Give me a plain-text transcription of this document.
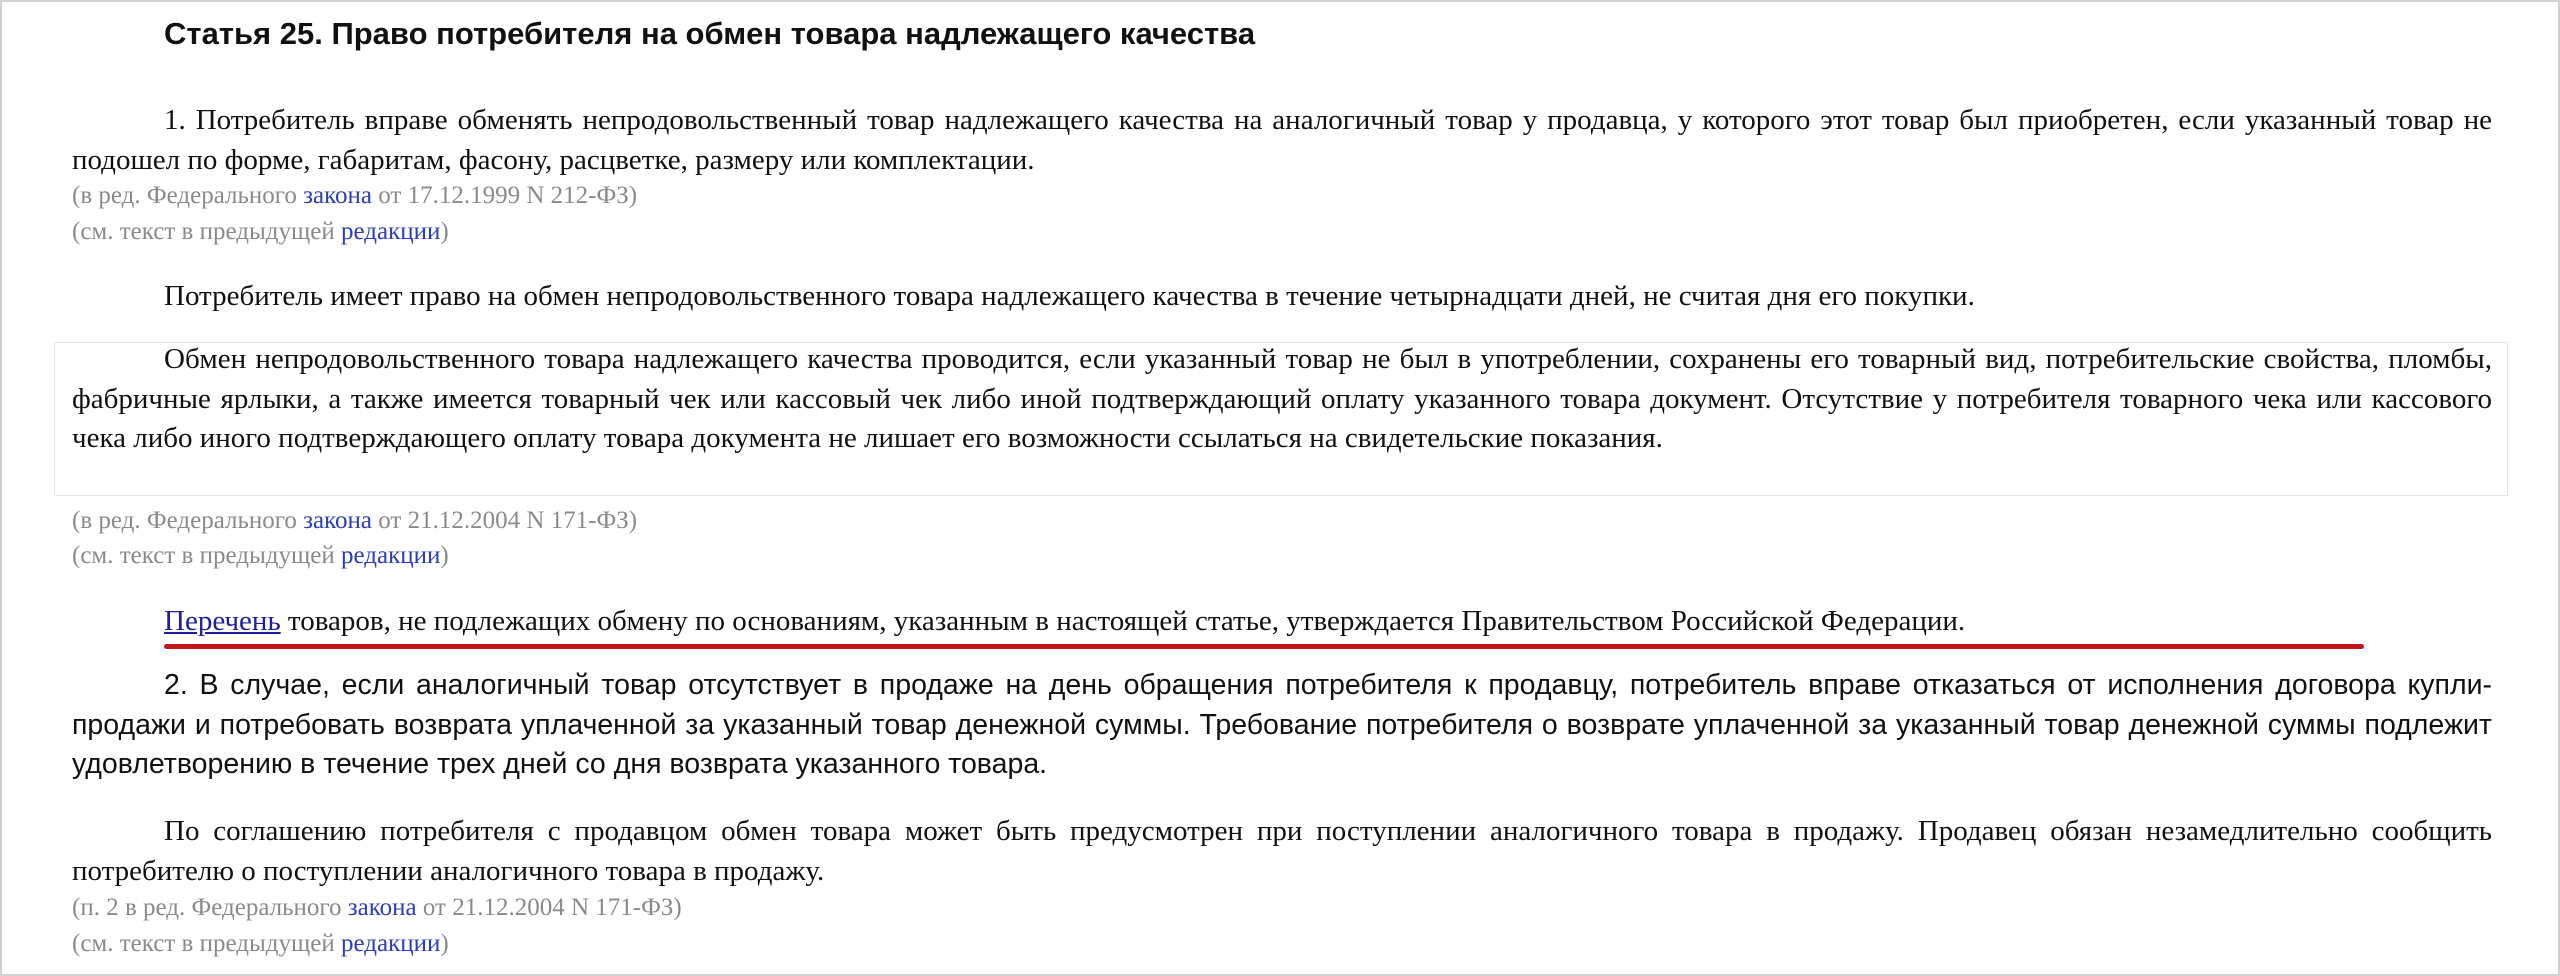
Статья 25. Право потребителя на обмен товара надлежащего качества

1. Потребитель вправе обменять непродовольственный товар надлежащего качества на аналогичный товар у продавца, у которого этот товар был приобретен, если указанный товар не подошел по форме, габаритам, фасону, расцветке, размеру или комплектации.

(в ред. Федерального закона от 17.12.1999 N 212-ФЗ)

(см. текст в предыдущей редакции)

Потребитель имеет право на обмен непродовольственного товара надлежащего качества в течение четырнадцати дней, не считая дня его покупки.

Обмен непродовольственного товара надлежащего качества проводится, если указанный товар не был в употреблении, сохранены его товарный вид, потребительские свойства, пломбы, фабричные ярлыки, а также имеется товарный чек или кассовый чек либо иной подтверждающий оплату указанного товара документ. Отсутствие у потребителя товарного чека или кассового чека либо иного подтверждающего оплату товара документа не лишает его возможности ссылаться на свидетельские показания.

(в ред. Федерального закона от 21.12.2004 N 171-ФЗ)

(см. текст в предыдущей редакции)

Перечень товаров, не подлежащих обмену по основаниям, указанным в настоящей статье, утверждается Правительством Российской Федерации.

2. В случае, если аналогичный товар отсутствует в продаже на день обращения потребителя к продавцу, потребитель вправе отказаться от исполнения договора купли-продажи и потребовать возврата уплаченной за указанный товар денежной суммы. Требование потребителя о возврате уплаченной за указанный товар денежной суммы подлежит удовлетворению в течение трех дней со дня возврата указанного товара.

По соглашению потребителя с продавцом обмен товара может быть предусмотрен при поступлении аналогичного товара в продажу. Продавец обязан незамедлительно сообщить потребителю о поступлении аналогичного товара в продажу.

(п. 2 в ред. Федерального закона от 21.12.2004 N 171-ФЗ)

(см. текст в предыдущей редакции)
